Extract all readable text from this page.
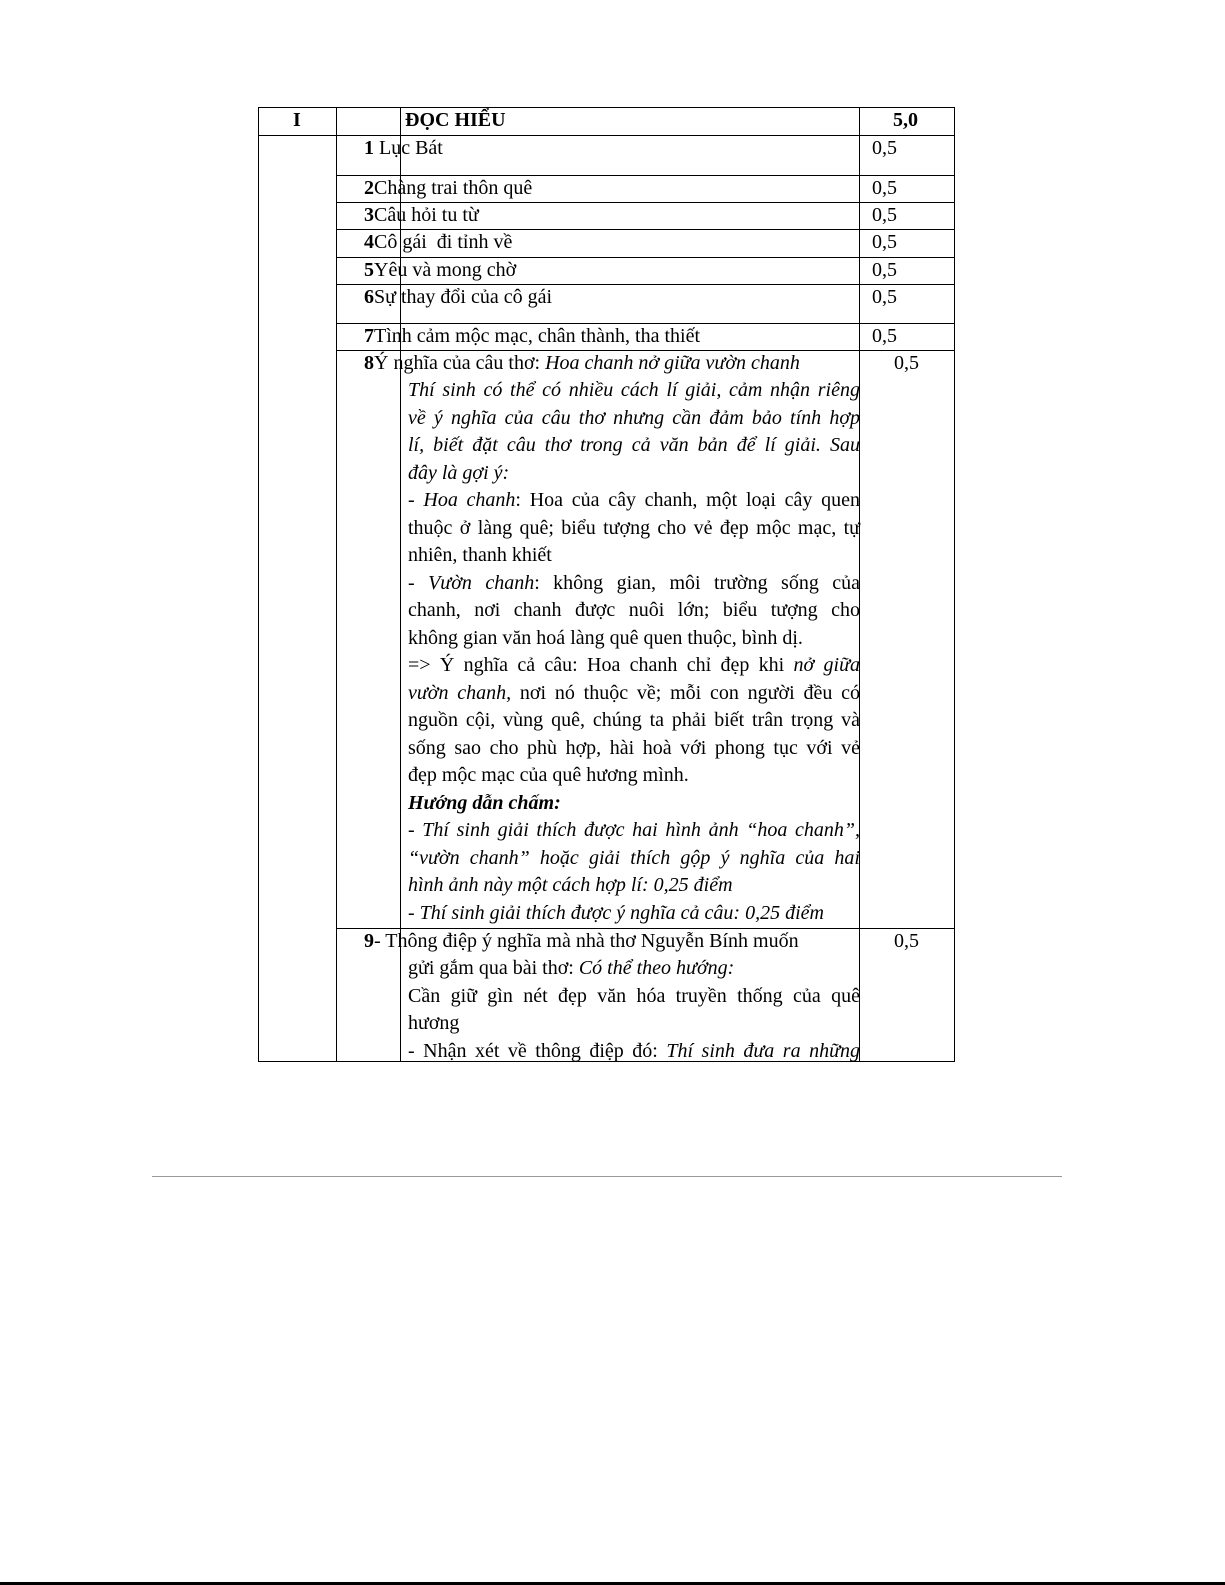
I	ĐỌC HIỂU	5,0
1 Lục Bát	0,5
2Chàng trai thôn quê	0,5
3Câu hỏi tu từ	0,5
4Cô gái  đi tỉnh về	0,5
5Yêu và mong chờ	0,5
6Sự thay đổi của cô gái	0,5
7Tình cảm mộc mạc, chân thành, tha thiết	0,5
8Ý nghĩa của câu thơ: Hoa chanh nở giữa vườn chanh	0,5
Thí sinh có thể có nhiều cách lí giải, cảm nhận riêng
về ý nghĩa của câu thơ nhưng cần đảm bảo tính hợp
lí, biết đặt câu thơ trong cả văn bản để lí giải. Sau
đây là gợi ý:
- Hoa chanh: Hoa của cây chanh, một loại cây quen
thuộc ở làng quê; biểu tượng cho vẻ đẹp mộc mạc, tự
nhiên, thanh khiết
- Vườn chanh: không gian, môi trường sống của
chanh, nơi chanh được nuôi lớn; biểu tượng cho
không gian văn hoá làng quê quen thuộc, bình dị.
=> Ý nghĩa cả câu: Hoa chanh chỉ đẹp khi nở giữa
vườn chanh, nơi nó thuộc về; mỗi con người đều có
nguồn cội, vùng quê, chúng ta phải biết trân trọng và
sống sao cho phù hợp, hài hoà với phong tục với vẻ
đẹp mộc mạc của quê hương mình.
Hướng dẫn chấm:
- Thí sinh giải thích được hai hình ảnh “hoa chanh”,
“vườn chanh” hoặc giải thích gộp ý nghĩa của hai
hình ảnh này một cách hợp lí: 0,25 điểm
- Thí sinh giải thích được ý nghĩa cả câu: 0,25 điểm
9- Thông điệp ý nghĩa mà nhà thơ Nguyễn Bính muốn	0,5
gửi gắm qua bài thơ: Có thể theo hướng:
Cần giữ gìn nét đẹp văn hóa truyền thống của quê
hương
- Nhận xét về thông điệp đó: Thí sinh đưa ra những
